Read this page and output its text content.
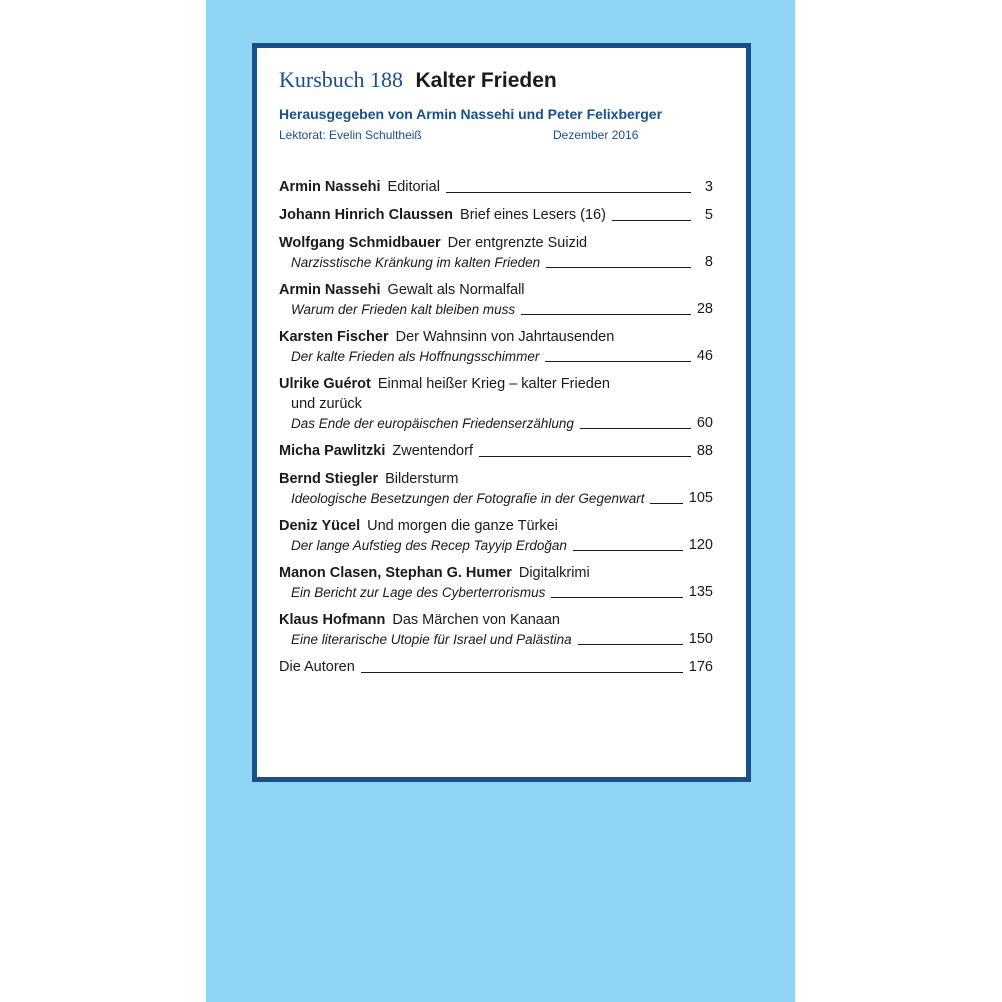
Kursbuch 188 Kalter Frieden
Herausgegeben von Armin Nassehi und Peter Felixberger
Lektorat: Evelin Schultheiß	Dezember 2016
Armin Nassehi Editorial	3
Johann Hinrich Claussen Brief eines Lesers (16)	5
Wolfgang Schmidbauer Der entgrenzte Suizid
Narzisstische Kränkung im kalten Frieden	8
Armin Nassehi Gewalt als Normalfall
Warum der Frieden kalt bleiben muss	28
Karsten Fischer Der Wahnsinn von Jahrtausenden
Der kalte Frieden als Hoffnungsschimmer	46
Ulrike Guérot Einmal heißer Krieg – kalter Frieden
und zurück
Das Ende der europäischen Friedenserzählung	60
Micha Pawlitzki Zwentendorf	88
Bernd Stiegler Bildersturm
Ideologische Besetzungen der Fotografie in der Gegenwart	105
Deniz Yücel Und morgen die ganze Türkei
Der lange Aufstieg des Recep Tayyip Erdoğan	120
Manon Clasen, Stephan G. Humer Digitalkrimi
Ein Bericht zur Lage des Cyberterrorismus	135
Klaus Hofmann Das Märchen von Kanaan
Eine literarische Utopie für Israel und Palästina	150
Die Autoren	176
